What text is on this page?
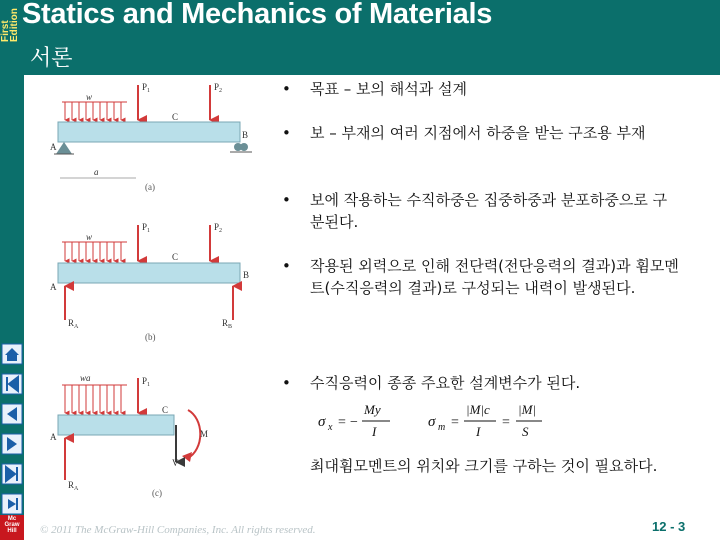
First
Edition Statics and Mechanics of Materials
서론
Mc
Graw
Hill
w
$P_1$	$P_2$
C
A
B
a
(a)
w
$P_1$	$P_2$
C
A
B
$R_A$	$R_B$
(b)
wa	$P_1$
C
A	M
V
$R_A$	(c)
• 목표 – 보의 해석과 설계
• 보 – 부재의 여러 지점에서 하중을 받는 구조용 부재
• 보에 작용하는 수직하중은 집중하중과 분포하중으로 구분된다.
• 작용된 외력으로 인해 전단력(전단응력의 결과)과 휨모멘트(수직응력의 결과)로 구성되는 내력이 발생된다.
• 수직응력이 종종 주요한 설계변수가 된다.
σ x = −
My
I
σ m =
|M|c
I
=
|M|
S
최대휨모멘트의 위치와 크기를 구하는 것이 필요하다.
© 2011 The McGraw-Hill Companies, Inc. All rights reserved.	12 - 3
